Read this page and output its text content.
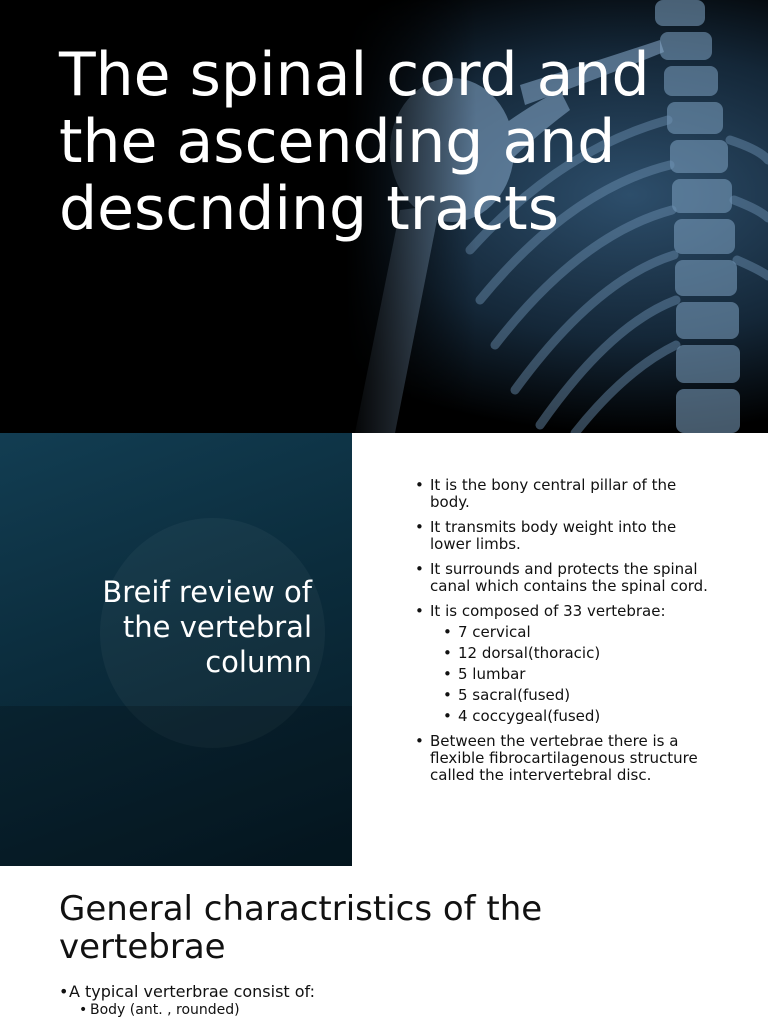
The spinal cord and
the ascending and
descnding tracts
Breif review of
the vertebral
column
• It is the bony central pillar of the body.
• It transmits body weight into the lower limbs.
• It surrounds and protects the spinal canal which contains the spinal cord.
• It is composed of 33 vertebrae:
• 7 cervical
• 12 dorsal(thoracic)
• 5 lumbar
• 5 sacral(fused)
• 4 coccygeal(fused)
• Between the vertebrae there is a flexible fibrocartilagenous structure called the intervertebral disc.
General charactristics of the
vertebrae
• A typical verterbrae consist of:
• Body (ant. , rounded)
